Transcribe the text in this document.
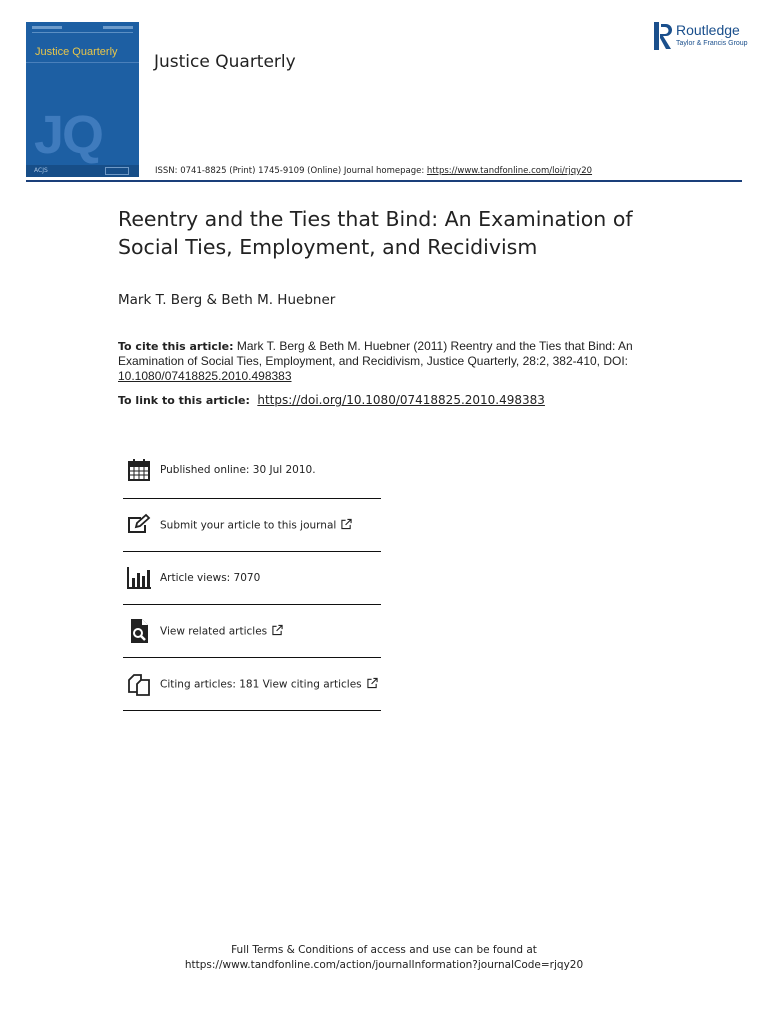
Justice Quarterly
JQ
ACJS
Justice Quarterly
Routledge
Taylor & Francis Group
ISSN: 0741-8825 (Print) 1745-9109 (Online) Journal homepage: https://www.tandfonline.com/loi/rjqy20
Reentry and the Ties that Bind: An Examination of
Social Ties, Employment, and Recidivism
Mark T. Berg & Beth M. Huebner
To cite this article: Mark T. Berg & Beth M. Huebner (2011) Reentry and the Ties that Bind: An Examination of Social Ties, Employment, and Recidivism, Justice Quarterly, 28:2, 382-410, DOI: 10.1080/07418825.2010.498383
To link to this article: https://doi.org/10.1080/07418825.2010.498383
Published online: 30 Jul 2010.
Submit your article to this journal
Article views: 7070
View related articles
Citing articles: 181 View citing articles
Full Terms & Conditions of access and use can be found at
https://www.tandfonline.com/action/journalInformation?journalCode=rjqy20
